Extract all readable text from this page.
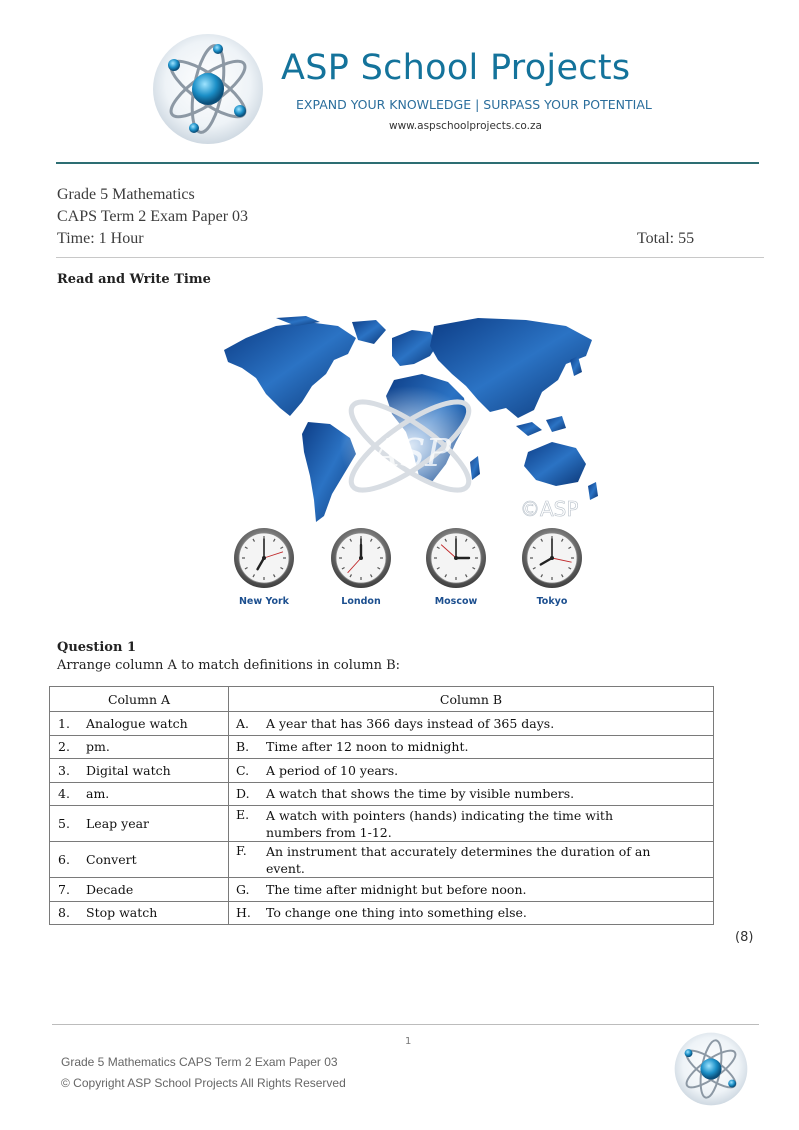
ASP School Projects
EXPAND YOUR KNOWLEDGE | SURPASS YOUR POTENTIAL
www.aspschoolprojects.co.za
Grade 5 Mathematics
CAPS Term 2 Exam Paper 03
Time: 1 Hour	Total: 55
Read and Write Time
ASP
©ASP
New York	London	Moscow	Tokyo
Question 1
Arrange column A to match definitions in column B:
Column A	Column B

1. Analogue watch	A. A year that has 366 days instead of 365 days.

2. pm.	B. Time after 12 noon to midnight.

3. Digital watch	C. A period of 10 years.

4. am.	D. A watch that shows the time by visible numbers.

5. Leap year	E. A watch with pointers (hands) indicating the time with numbers from 1-12.

6. Convert	F. An instrument that accurately determines the duration of an event.

7. Decade	G. The time after midnight but before noon.

8. Stop watch	H. To change one thing into something else.
(8)
1
Grade 5 Mathematics CAPS Term 2 Exam Paper 03
© Copyright ASP School Projects All Rights Reserved
